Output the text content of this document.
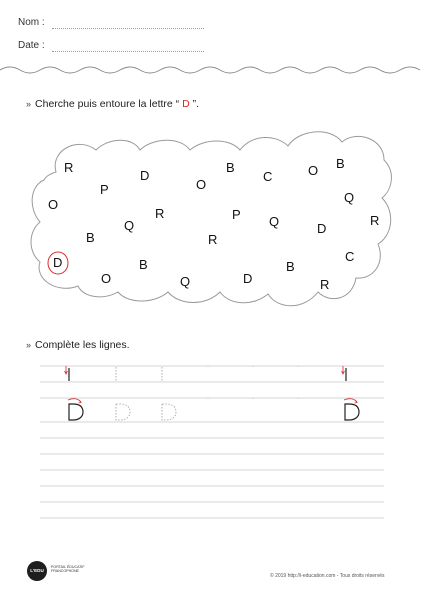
Nom :
Date :
» Cherche puis entoure la lettre “ D ”.
R
P
D
O
B
C	O B
O	Q
R
B
Q
P Q	D
R
R
D	B
C
O	Q	D
B
R
» Complète les lignes.
L'EDU
PORTAIL ÉDUCATIF
FRANCOPHONE
© 2019 http://i-education.com - Tous droits réservés
